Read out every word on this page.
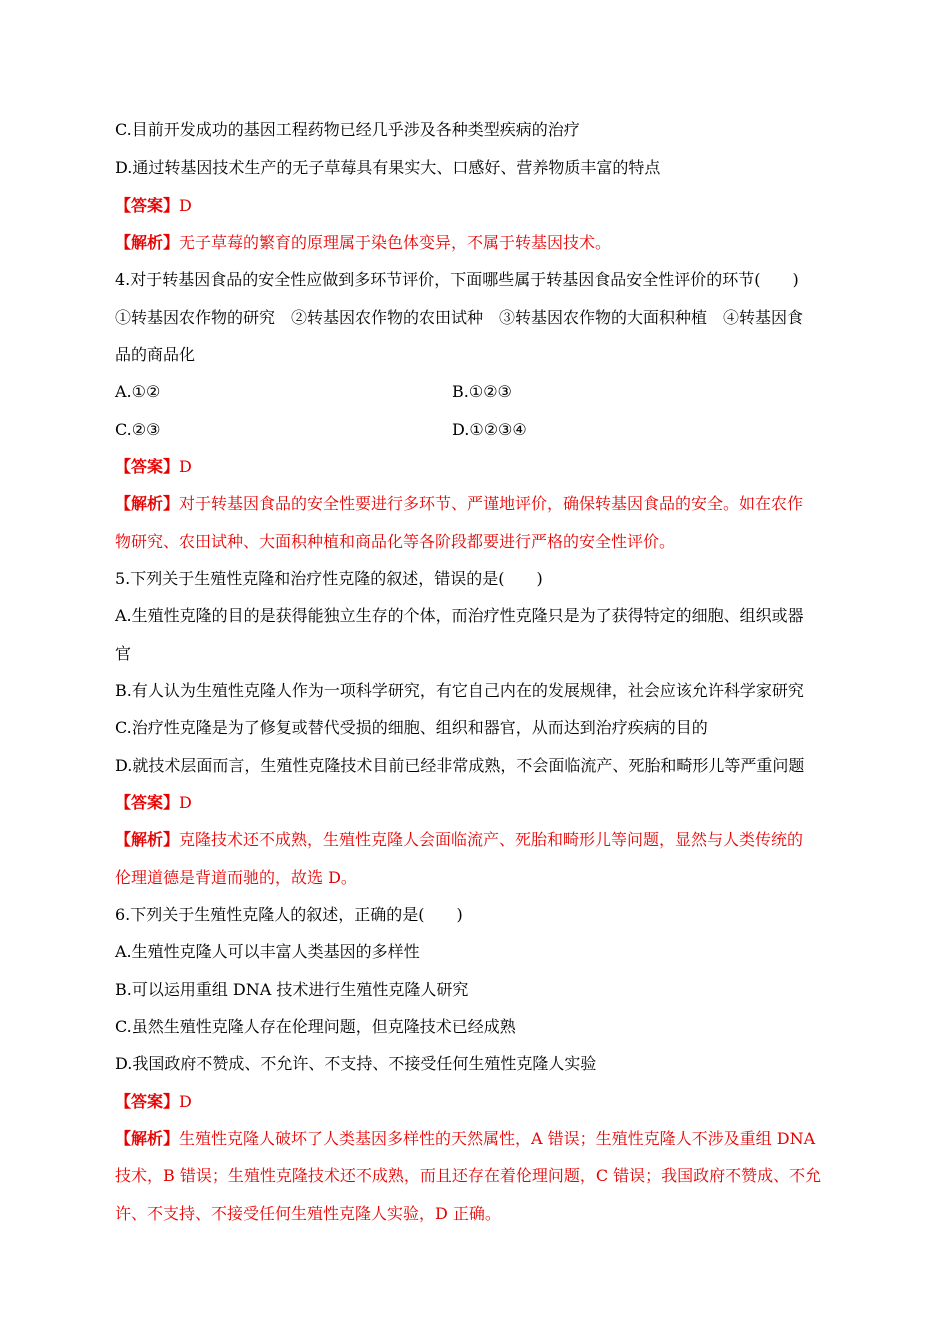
C.目前开发成功的基因工程药物已经几乎涉及各种类型疾病的治疗
D.通过转基因技术生产的无子草莓具有果实大、口感好、营养物质丰富的特点
【答案】D
【解析】无子草莓的繁育的原理属于染色体变异，不属于转基因技术。
4.对于转基因食品的安全性应做到多环节评价，下面哪些属于转基因食品安全性评价的环节(　　)
①转基因农作物的研究　②转基因农作物的农田试种　③转基因农作物的大面积种植　④转基因食
品的商品化
A.①②	B.①②③
C.②③	D.①②③④
【答案】D
【解析】对于转基因食品的安全性要进行多环节、严谨地评价，确保转基因食品的安全。如在农作
物研究、农田试种、大面积种植和商品化等各阶段都要进行严格的安全性评价。
5.下列关于生殖性克隆和治疗性克隆的叙述，错误的是(　　)
A.生殖性克隆的目的是获得能独立生存的个体，而治疗性克隆只是为了获得特定的细胞、组织或器
官
B.有人认为生殖性克隆人作为一项科学研究，有它自己内在的发展规律，社会应该允许科学家研究
C.治疗性克隆是为了修复或替代受损的细胞、组织和器官，从而达到治疗疾病的目的
D.就技术层面而言，生殖性克隆技术目前已经非常成熟，不会面临流产、死胎和畸形儿等严重问题
【答案】D
【解析】克隆技术还不成熟，生殖性克隆人会面临流产、死胎和畸形儿等问题，显然与人类传统的
伦理道德是背道而驰的，故选 D。
6.下列关于生殖性克隆人的叙述，正确的是(　　)
A.生殖性克隆人可以丰富人类基因的多样性
B.可以运用重组 DNA 技术进行生殖性克隆人研究
C.虽然生殖性克隆人存在伦理问题，但克隆技术已经成熟
D.我国政府不赞成、不允许、不支持、不接受任何生殖性克隆人实验
【答案】D
【解析】生殖性克隆人破坏了人类基因多样性的天然属性，A 错误；生殖性克隆人不涉及重组 DNA
技术，B 错误；生殖性克隆技术还不成熟，而且还存在着伦理问题，C 错误；我国政府不赞成、不允
许、不支持、不接受任何生殖性克隆人实验，D 正确。
